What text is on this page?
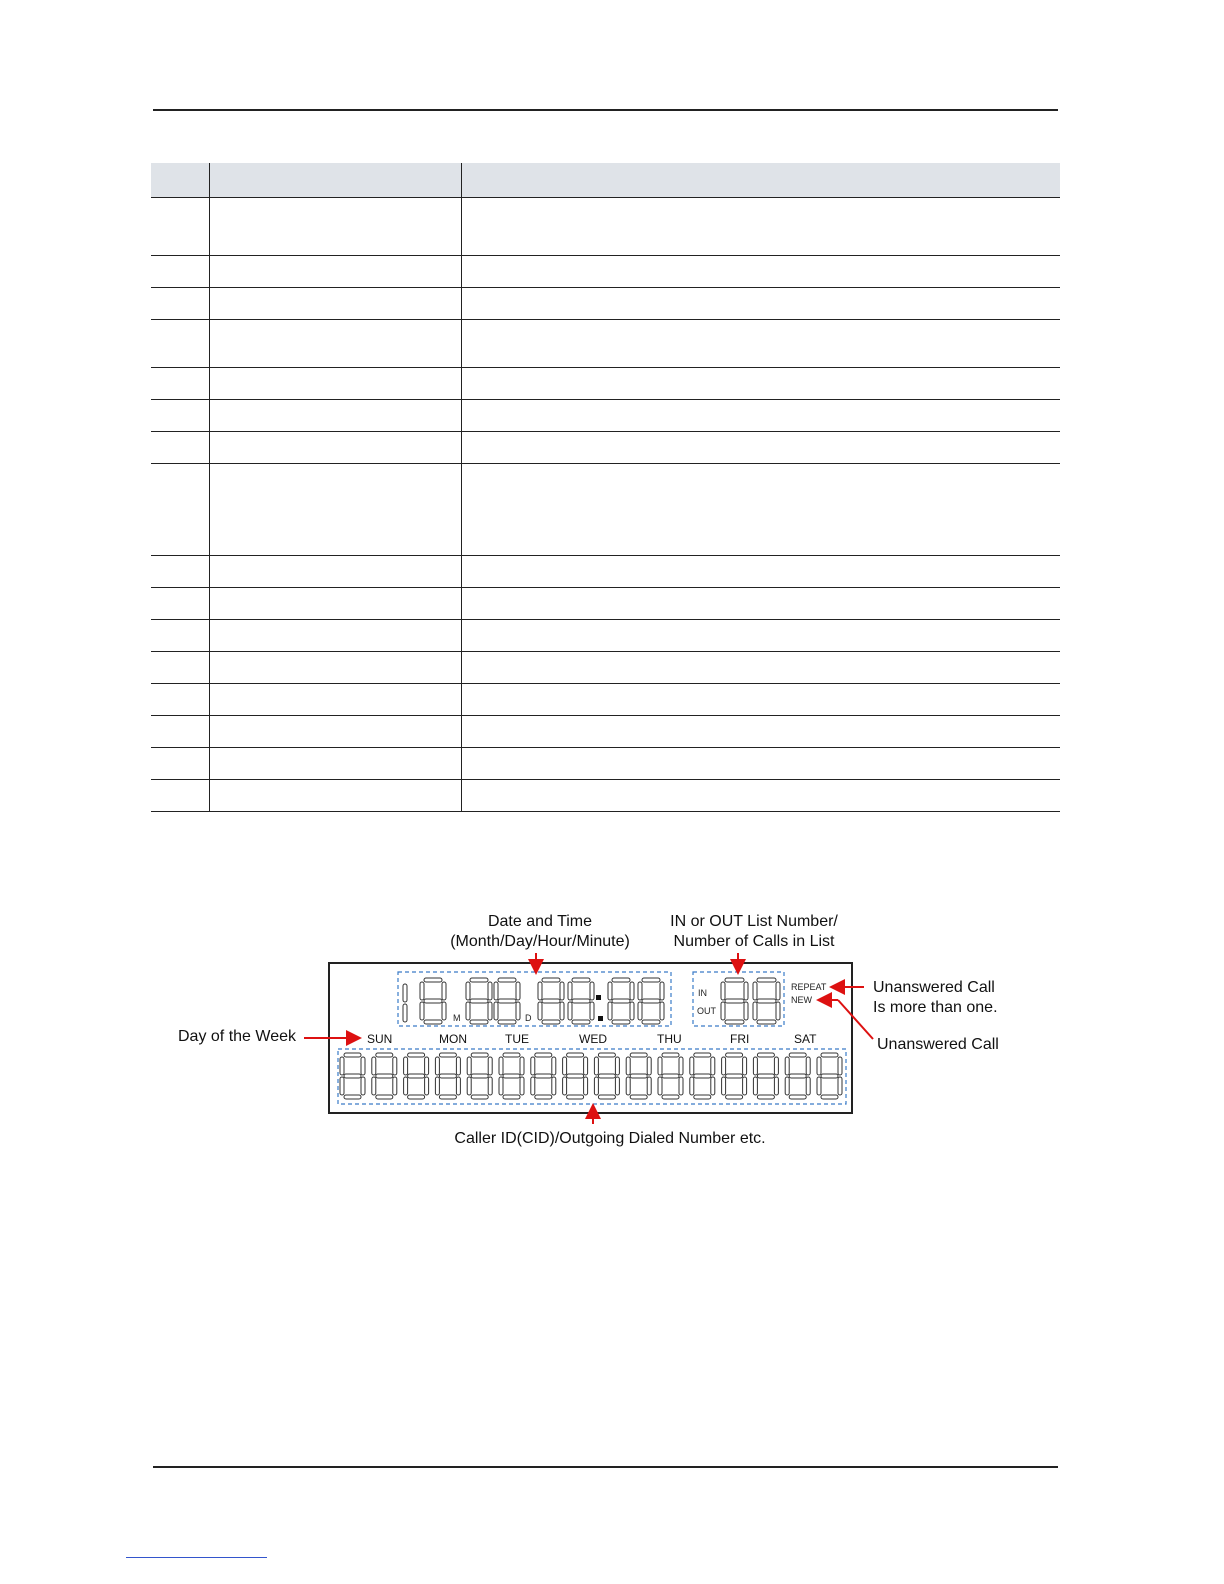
IN
OUT
REPEAT
NEW
M	D
SUN	MON	TUE	WED	THU	FRI	SAT
Date and Time
(Month/Day/Hour/Minute)
IN or OUT List Number/
Number of Calls in List
Unanswered Call
Is more than one.
Unanswered Call
Day of the Week
Caller ID(CID)/Outgoing Dialed Number etc.
